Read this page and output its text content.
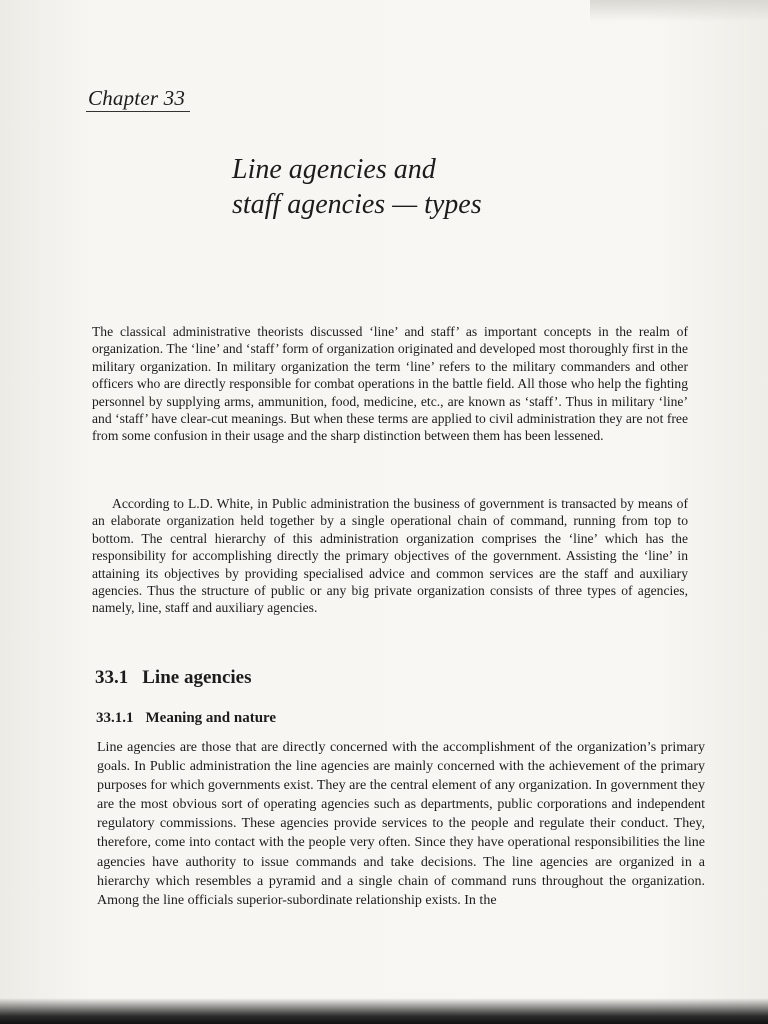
Chapter 33
Line agencies and
staff agencies — types

The classical administrative theorists discussed ‘line’ and staff’ as important concepts in the realm of organization. The ‘line’ and ‘staff’ form of organization originated and developed most thoroughly first in the military organization. In military organization the term ‘line’ refers to the military commanders and other officers who are directly responsible for combat operations in the battle field. All those who help the fighting personnel by supplying arms, ammunition, food, medicine, etc., are known as ‘staff’. Thus in military ‘line’ and ‘staff’ have clear-cut meanings. But when these terms are applied to civil administration they are not free from some confusion in their usage and the sharp distinction between them has been lessened.

According to L.D. White, in Public administration the business of government is transacted by means of an elaborate organization held together by a single operational chain of command, running from top to bottom. The central hierarchy of this administration organization comprises the ‘line’ which has the responsibility for accomplishing directly the primary objectives of the government. Assisting the ‘line’ in attaining its objectives by providing specialised advice and common services are the staff and auxiliary agencies. Thus the structure of public or any big private organization consists of three types of agencies, namely, line, staff and auxiliary agencies.

33.1 Line agencies
33.1.1 Meaning and nature

Line agencies are those that are directly concerned with the accomplishment of the organization’s primary goals. In Public administration the line agencies are mainly concerned with the achievement of the primary purposes for which governments exist. They are the central element of any organization. In government they are the most obvious sort of operating agencies such as departments, public corporations and independent regulatory commissions. These agencies provide services to the people and regulate their conduct. They, therefore, come into contact with the people very often. Since they have operational responsibilities the line agencies have authority to issue commands and take decisions. The line agencies are organized in a hierarchy which resembles a pyramid and a single chain of command runs throughout the organization. Among the line officials superior-subordinate relationship exists. In the
